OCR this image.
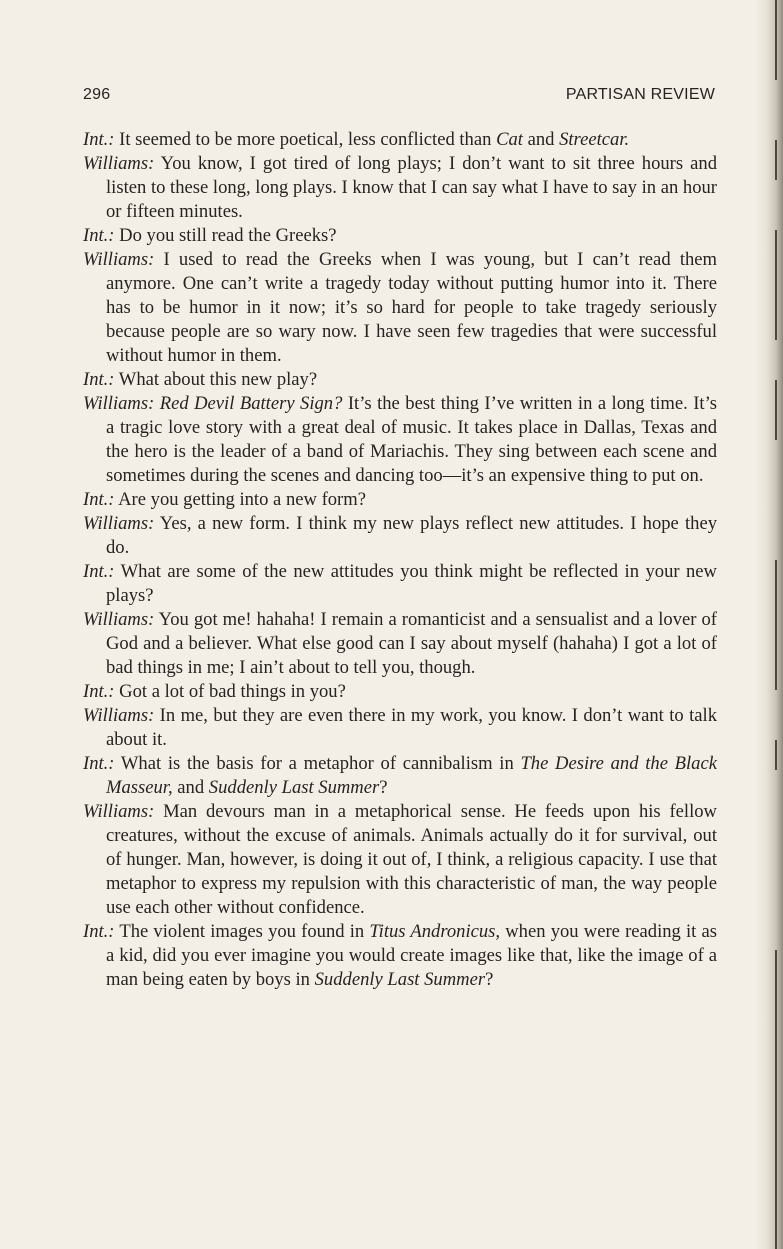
296	PARTISAN REVIEW

Int.: It seemed to be more poetical, less conflicted than Cat and Streetcar.

Williams: You know, I got tired of long plays; I don’t want to sit three hours and listen to these long, long plays. I know that I can say what I have to say in an hour or fifteen minutes.

Int.: Do you still read the Greeks?

Williams: I used to read the Greeks when I was young, but I can’t read them anymore. One can’t write a tragedy today without putting humor into it. There has to be humor in it now; it’s so hard for people to take tragedy seriously because people are so wary now. I have seen few tragedies that were successful without humor in them.

Int.: What about this new play?

Williams: Red Devil Battery Sign? It’s the best thing I’ve written in a long time. It’s a tragic love story with a great deal of music. It takes place in Dallas, Texas and the hero is the leader of a band of Mariachis. They sing between each scene and sometimes during the scenes and dancing too—it’s an expensive thing to put on.

Int.: Are you getting into a new form?

Williams: Yes, a new form. I think my new plays reflect new attitudes. I hope they do.

Int.: What are some of the new attitudes you think might be reflected in your new plays?

Williams: You got me! hahaha! I remain a romanticist and a sensualist and a lover of God and a believer. What else good can I say about myself (hahaha) I got a lot of bad things in me; I ain’t about to tell you, though.

Int.: Got a lot of bad things in you?

Williams: In me, but they are even there in my work, you know. I don’t want to talk about it.

Int.: What is the basis for a metaphor of cannibalism in The Desire and the Black Masseur, and Suddenly Last Summer?

Williams: Man devours man in a metaphorical sense. He feeds upon his fellow creatures, without the excuse of animals. Animals actually do it for survival, out of hunger. Man, however, is doing it out of, I think, a religious capacity. I use that metaphor to express my repulsion with this characteristic of man, the way people use each other without confidence.

Int.: The violent images you found in Titus Andronicus, when you were reading it as a kid, did you ever imagine you would create images like that, like the image of a man being eaten by boys in Suddenly Last Summer?
